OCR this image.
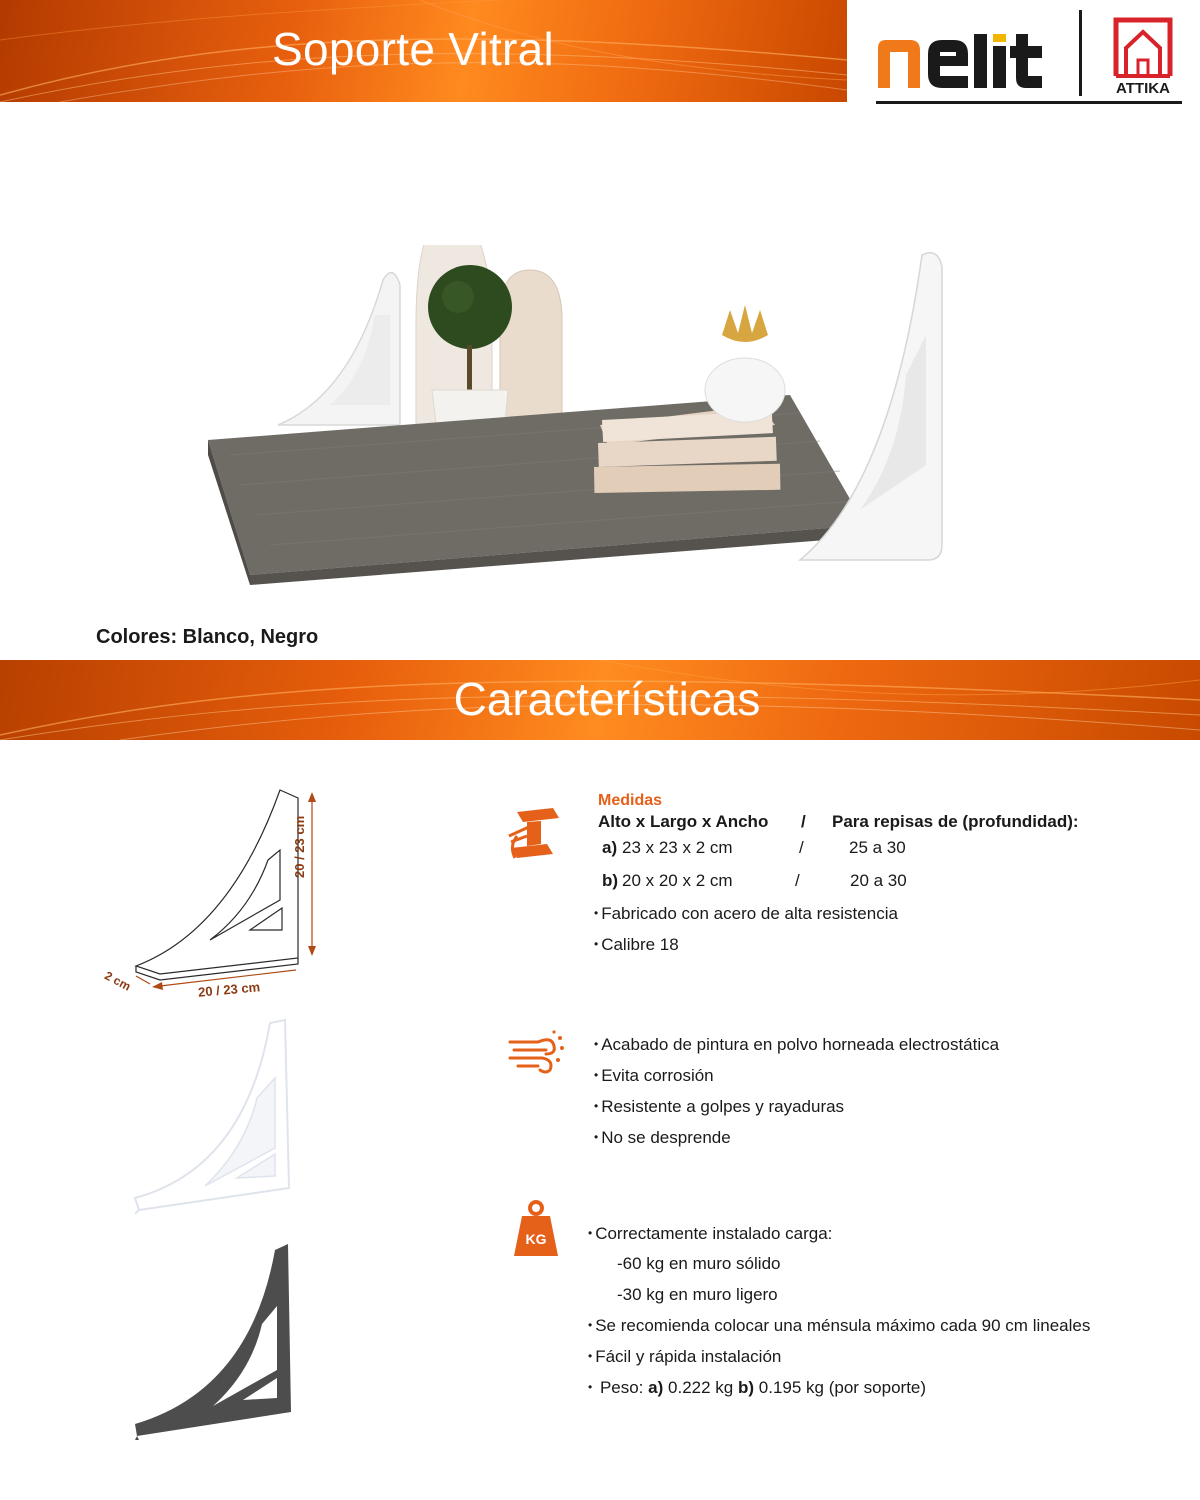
Soporte Vitral
ATTIKA
Colores: Blanco, Negro
Características
20 / 23 cm
20 / 23 cm
2 cm
Medidas
Alto x Largo x Ancho / Para repisas de (profundidad):
a) 23 x 23 x 2 cm	/	25 a 30
b) 20 x 20 x 2 cm	/	20 a 30
• Fabricado con acero de alta resistencia
• Calibre 18
• Acabado de pintura en polvo horneada electrostática
• Evita corrosión
• Resistente a golpes y rayaduras
• No se desprende
KG
•	Correctamente instalado carga:
-60 kg en muro sólido
-30 kg en muro ligero
• Se recomienda colocar una ménsula máximo cada 90 cm lineales
• Fácil y rápida instalación
• Peso: a) 0.222 kg b) 0.195 kg (por soporte)
